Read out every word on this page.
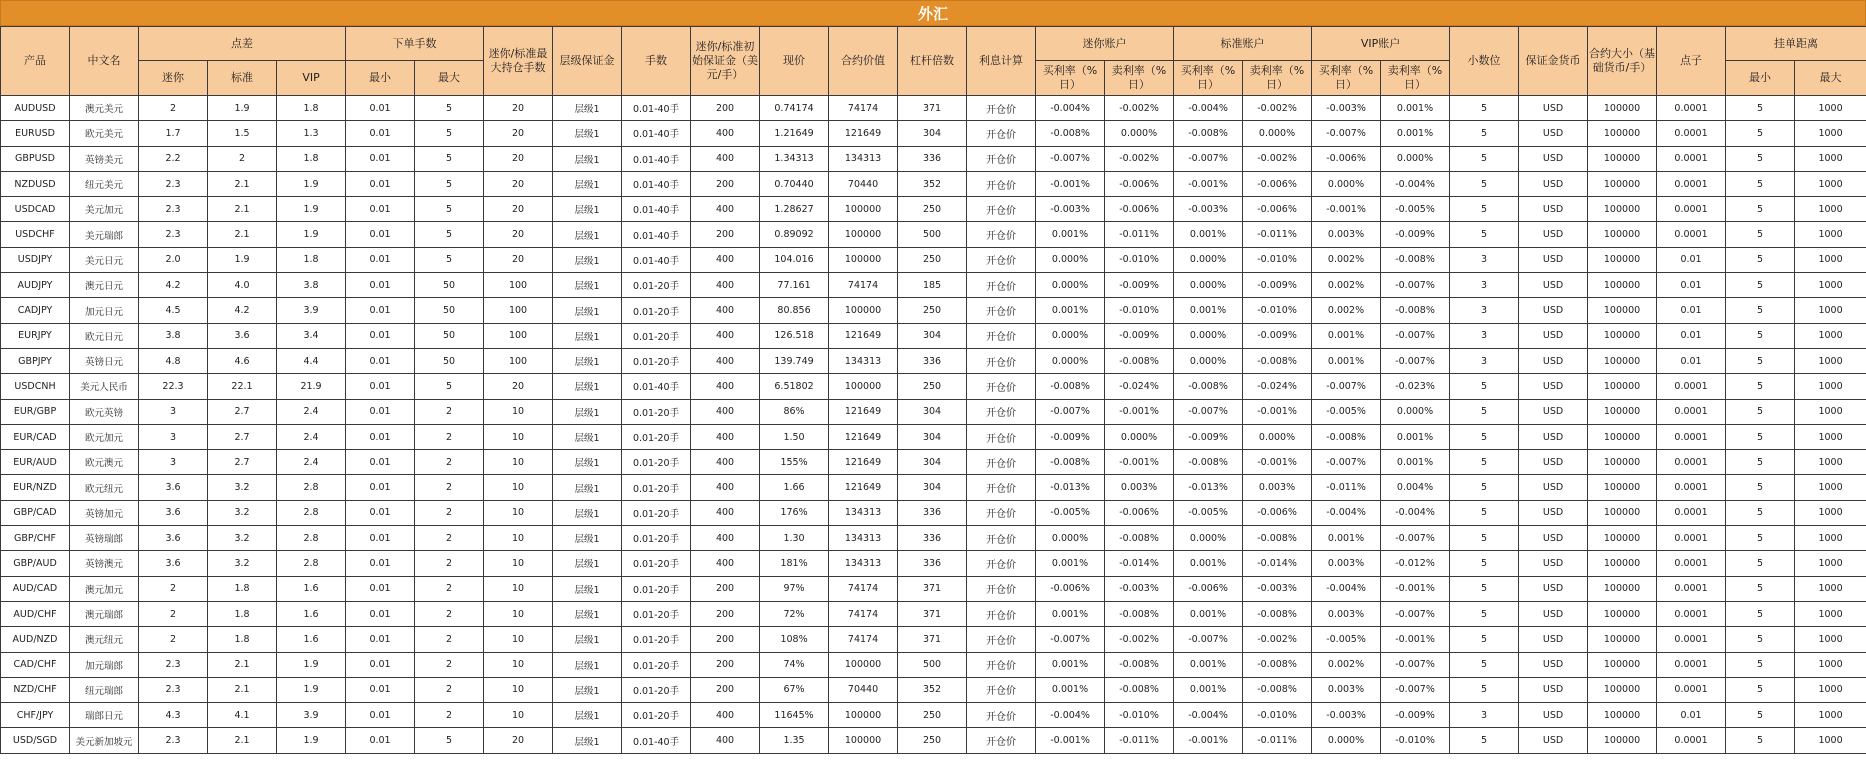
外汇
产品	中文名	点差			下单手数		迷你/标准最大持仓手数	层级保证金	手数	迷你/标准初始保证金（美元/手）	现价	合约价值	杠杆倍数	利息计算	迷你账户		标准账户		VIP账户		小数位	保证金货币	合约大小（基础货币/手）	点子	挂单距离	
		迷你	标准	VIP	最小	最大									买利率（%日）	卖利率（%日）	买利率（%日）	卖利率（%日）	买利率（%日）	卖利率（%日）					最小	最大
AUDUSD	澳元美元	2	1.9	1.8	0.01	5	20	层级1	0.01-40手	200	0.74174	74174	371	开仓价	-0.004%	-0.002%	-0.004%	-0.002%	-0.003%	0.001%	5	USD	100000	0.0001	5	1000
EURUSD	欧元美元	1.7	1.5	1.3	0.01	5	20	层级1	0.01-40手	400	1.21649	121649	304	开仓价	-0.008%	0.000%	-0.008%	0.000%	-0.007%	0.001%	5	USD	100000	0.0001	5	1000
GBPUSD	英镑美元	2.2	2	1.8	0.01	5	20	层级1	0.01-40手	400	1.34313	134313	336	开仓价	-0.007%	-0.002%	-0.007%	-0.002%	-0.006%	0.000%	5	USD	100000	0.0001	5	1000
NZDUSD	纽元美元	2.3	2.1	1.9	0.01	5	20	层级1	0.01-40手	200	0.70440	70440	352	开仓价	-0.001%	-0.006%	-0.001%	-0.006%	0.000%	-0.004%	5	USD	100000	0.0001	5	1000
USDCAD	美元加元	2.3	2.1	1.9	0.01	5	20	层级1	0.01-40手	400	1.28627	100000	250	开仓价	-0.003%	-0.006%	-0.003%	-0.006%	-0.001%	-0.005%	5	USD	100000	0.0001	5	1000
USDCHF	美元瑞郎	2.3	2.1	1.9	0.01	5	20	层级1	0.01-40手	200	0.89092	100000	500	开仓价	0.001%	-0.011%	0.001%	-0.011%	0.003%	-0.009%	5	USD	100000	0.0001	5	1000
USDJPY	美元日元	2.0	1.9	1.8	0.01	5	20	层级1	0.01-40手	400	104.016	100000	250	开仓价	0.000%	-0.010%	0.000%	-0.010%	0.002%	-0.008%	3	USD	100000	0.01	5	1000
AUDJPY	澳元日元	4.2	4.0	3.8	0.01	50	100	层级1	0.01-20手	400	77.161	74174	185	开仓价	0.000%	-0.009%	0.000%	-0.009%	0.002%	-0.007%	3	USD	100000	0.01	5	1000
CADJPY	加元日元	4.5	4.2	3.9	0.01	50	100	层级1	0.01-20手	400	80.856	100000	250	开仓价	0.001%	-0.010%	0.001%	-0.010%	0.002%	-0.008%	3	USD	100000	0.01	5	1000
EURJPY	欧元日元	3.8	3.6	3.4	0.01	50	100	层级1	0.01-20手	400	126.518	121649	304	开仓价	0.000%	-0.009%	0.000%	-0.009%	0.001%	-0.007%	3	USD	100000	0.01	5	1000
GBPJPY	英镑日元	4.8	4.6	4.4	0.01	50	100	层级1	0.01-20手	400	139.749	134313	336	开仓价	0.000%	-0.008%	0.000%	-0.008%	0.001%	-0.007%	3	USD	100000	0.01	5	1000
USDCNH	美元人民币	22.3	22.1	21.9	0.01	5	20	层级1	0.01-40手	400	6.51802	100000	250	开仓价	-0.008%	-0.024%	-0.008%	-0.024%	-0.007%	-0.023%	5	USD	100000	0.0001	5	1000
EUR/GBP	欧元英镑	3	2.7	2.4	0.01	2	10	层级1	0.01-20手	400	86%	121649	304	开仓价	-0.007%	-0.001%	-0.007%	-0.001%	-0.005%	0.000%	5	USD	100000	0.0001	5	1000
EUR/CAD	欧元加元	3	2.7	2.4	0.01	2	10	层级1	0.01-20手	400	1.50	121649	304	开仓价	-0.009%	0.000%	-0.009%	0.000%	-0.008%	0.001%	5	USD	100000	0.0001	5	1000
EUR/AUD	欧元澳元	3	2.7	2.4	0.01	2	10	层级1	0.01-20手	400	155%	121649	304	开仓价	-0.008%	-0.001%	-0.008%	-0.001%	-0.007%	0.001%	5	USD	100000	0.0001	5	1000
EUR/NZD	欧元纽元	3.6	3.2	2.8	0.01	2	10	层级1	0.01-20手	400	1.66	121649	304	开仓价	-0.013%	0.003%	-0.013%	0.003%	-0.011%	0.004%	5	USD	100000	0.0001	5	1000
GBP/CAD	英镑加元	3.6	3.2	2.8	0.01	2	10	层级1	0.01-20手	400	176%	134313	336	开仓价	-0.005%	-0.006%	-0.005%	-0.006%	-0.004%	-0.004%	5	USD	100000	0.0001	5	1000
GBP/CHF	英镑瑞郎	3.6	3.2	2.8	0.01	2	10	层级1	0.01-20手	400	1.30	134313	336	开仓价	0.000%	-0.008%	0.000%	-0.008%	0.001%	-0.007%	5	USD	100000	0.0001	5	1000
GBP/AUD	英镑澳元	3.6	3.2	2.8	0.01	2	10	层级1	0.01-20手	400	181%	134313	336	开仓价	0.001%	-0.014%	0.001%	-0.014%	0.003%	-0.012%	5	USD	100000	0.0001	5	1000
AUD/CAD	澳元加元	2	1.8	1.6	0.01	2	10	层级1	0.01-20手	200	97%	74174	371	开仓价	-0.006%	-0.003%	-0.006%	-0.003%	-0.004%	-0.001%	5	USD	100000	0.0001	5	1000
AUD/CHF	澳元瑞郎	2	1.8	1.6	0.01	2	10	层级1	0.01-20手	200	72%	74174	371	开仓价	0.001%	-0.008%	0.001%	-0.008%	0.003%	-0.007%	5	USD	100000	0.0001	5	1000
AUD/NZD	澳元纽元	2	1.8	1.6	0.01	2	10	层级1	0.01-20手	200	108%	74174	371	开仓价	-0.007%	-0.002%	-0.007%	-0.002%	-0.005%	-0.001%	5	USD	100000	0.0001	5	1000
CAD/CHF	加元瑞郎	2.3	2.1	1.9	0.01	2	10	层级1	0.01-20手	200	74%	100000	500	开仓价	0.001%	-0.008%	0.001%	-0.008%	0.002%	-0.007%	5	USD	100000	0.0001	5	1000
NZD/CHF	纽元瑞郎	2.3	2.1	1.9	0.01	2	10	层级1	0.01-20手	200	67%	70440	352	开仓价	0.001%	-0.008%	0.001%	-0.008%	0.003%	-0.007%	5	USD	100000	0.0001	5	1000
CHF/JPY	瑞郎日元	4.3	4.1	3.9	0.01	2	10	层级1	0.01-20手	400	11645%	100000	250	开仓价	-0.004%	-0.010%	-0.004%	-0.010%	-0.003%	-0.009%	3	USD	100000	0.01	5	1000
USD/SGD	美元新加坡元	2.3	2.1	1.9	0.01	5	20	层级1	0.01-40手	400	1.35	100000	250	开仓价	-0.001%	-0.011%	-0.001%	-0.011%	0.000%	-0.010%	5	USD	100000	0.0001	5	1000
